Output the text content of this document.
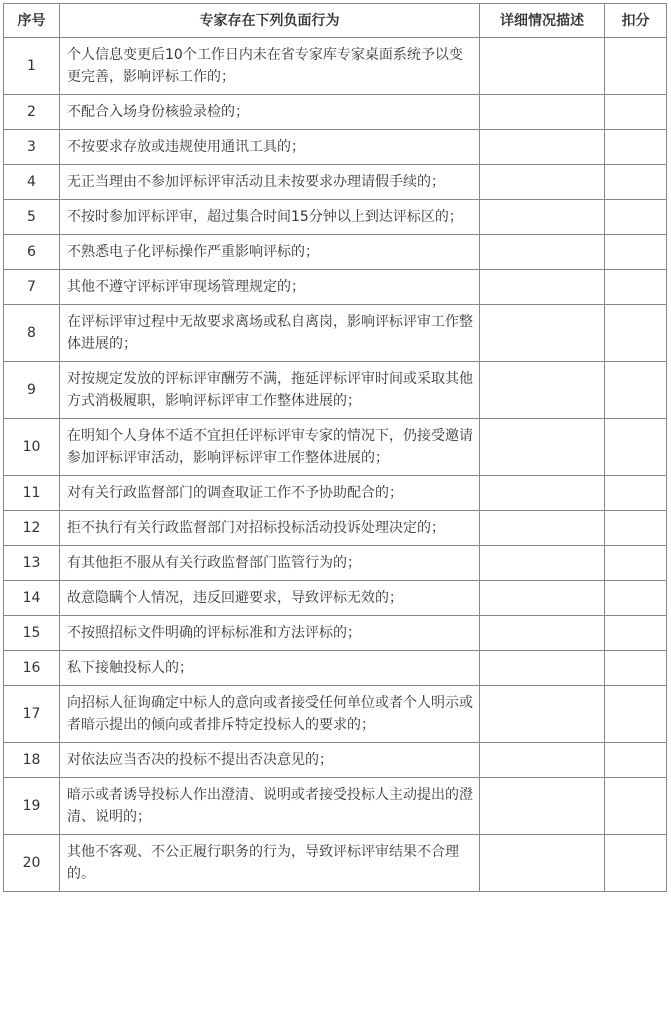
序号	专家存在下列负面行为	详细情况描述	扣分
1	个人信息变更后10个工作日内未在省专家库专家桌面系统予以变更完善，影响评标工作的；		
2	不配合入场身份核验录检的；		
3	不按要求存放或违规使用通讯工具的；		
4	无正当理由不参加评标评审活动且未按要求办理请假手续的；		
5	不按时参加评标评审，超过集合时间15分钟以上到达评标区的；		
6	不熟悉电子化评标操作严重影响评标的；		
7	其他不遵守评标评审现场管理规定的；		
8	在评标评审过程中无故要求离场或私自离岗，影响评标评审工作整体进展的；		
9	对按规定发放的评标评审酬劳不满，拖延评标评审时间或采取其他方式消极履职，影响评标评审工作整体进展的；		
10	在明知个人身体不适不宜担任评标评审专家的情况下，仍接受邀请参加评标评审活动，影响评标评审工作整体进展的；		
11	对有关行政监督部门的调查取证工作不予协助配合的；		
12	拒不执行有关行政监督部门对招标投标活动投诉处理决定的；		
13	有其他拒不服从有关行政监督部门监管行为的；		
14	故意隐瞒个人情况，违反回避要求，导致评标无效的；		
15	不按照招标文件明确的评标标准和方法评标的；		
16	私下接触投标人的；		
17	向招标人征询确定中标人的意向或者接受任何单位或者个人明示或者暗示提出的倾向或者排斥特定投标人的要求的；		
18	对依法应当否决的投标不提出否决意见的；		
19	暗示或者诱导投标人作出澄清、说明或者接受投标人主动提出的澄清、说明的；		
20	其他不客观、不公正履行职务的行为，导致评标评审结果不合理的。		
